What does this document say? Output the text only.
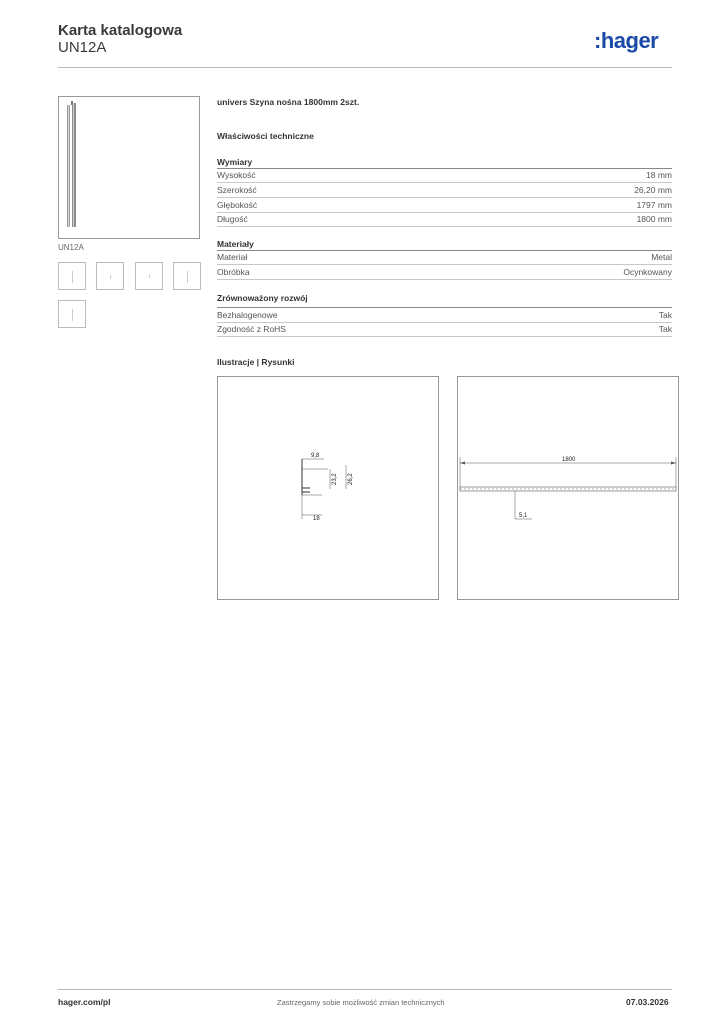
Karta katalogowa
UN12A	:hager
UN12A
univers Szyna nośna 1800mm 2szt.
Właściwości techniczne
Wymiary
Wysokość	18 mm
Szerokość	26,20 mm
Głębokość	1797 mm
Długość	1800 mm
Materiały
Materiał	Metal
Obróbka	Ocynkowany
Zrównoważony rozwój
Bezhalogenowe	Tak
Zgodność z RoHS	Tak
Ilustracje | Rysunki
9,8
23,2 26,2
18
1800
5,1
hager.com/pl	Zastrzegamy sobie możliwość zmian technicznych	07.03.2026
